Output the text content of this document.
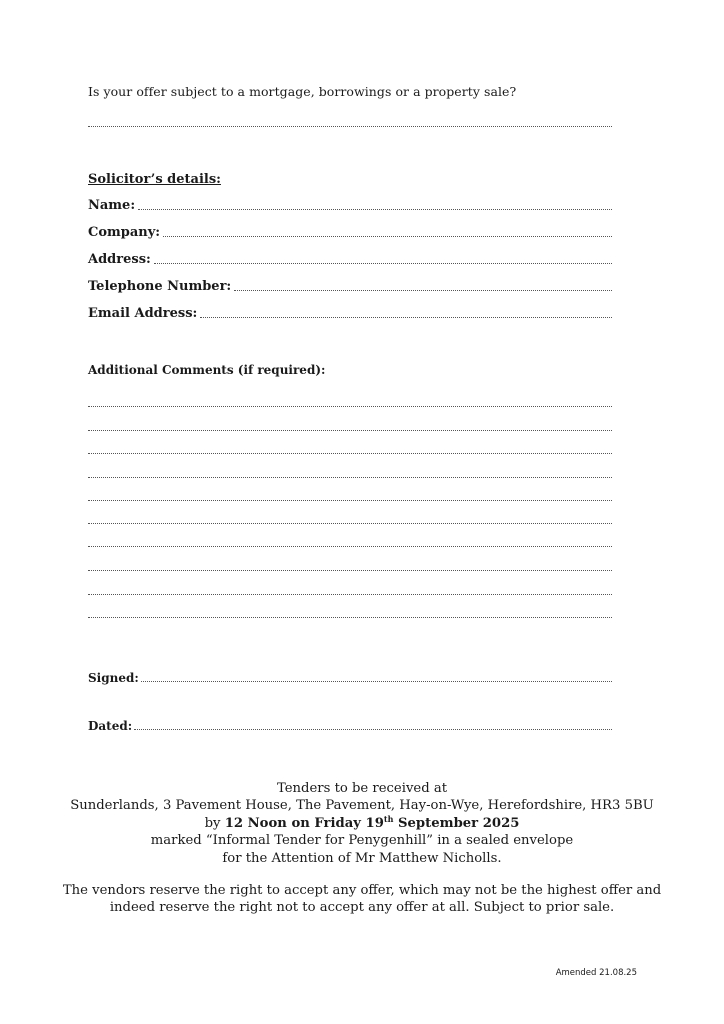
Is your offer subject to a mortgage, borrowings or a property sale?
Solicitor’s details:
Name:
Company:
Address:
Telephone Number:
Email Address:
Additional Comments (if required):
Signed:
Dated:
Tenders to be received at
Sunderlands, 3 Pavement House, The Pavement, Hay-on-Wye, Herefordshire, HR3 5BU
by 12 Noon on Friday 19th September 2025
marked “Informal Tender for Penygenhill” in a sealed envelope
for the Attention of Mr Matthew Nicholls.
The vendors reserve the right to accept any offer, which may not be the highest offer and
indeed reserve the right not to accept any offer at all. Subject to prior sale.
Amended 21.08.25
